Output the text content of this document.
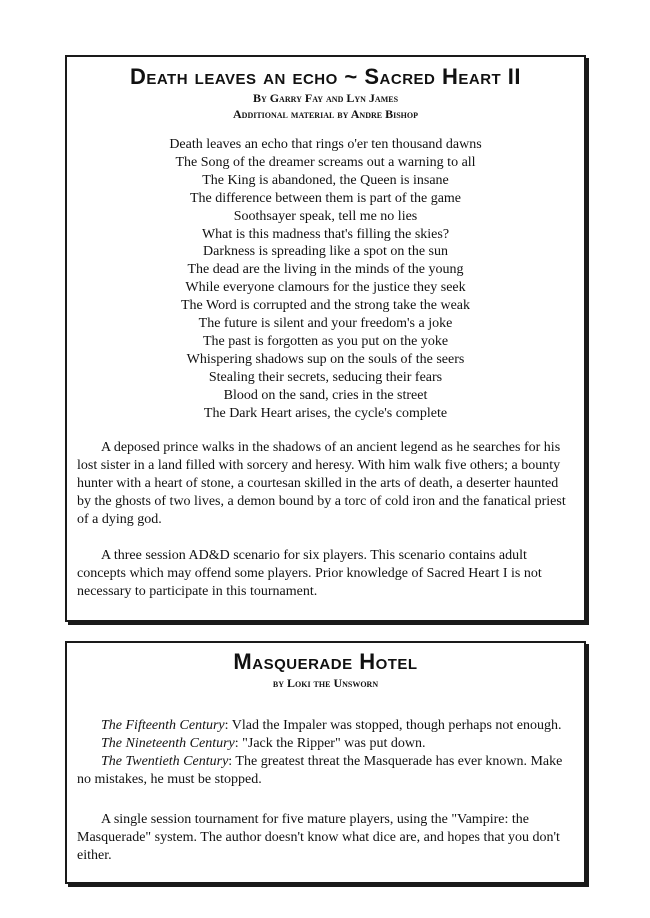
Death leaves an echo ~ Sacred Heart II

By Garry Fay and Lyn James

Additional material by Andre Bishop

Death leaves an echo that rings o'er ten thousand dawns
The Song of the dreamer screams out a warning to all
The King is abandoned, the Queen is insane
The difference between them is part of the game
Soothsayer speak, tell me no lies
What is this madness that's filling the skies?
Darkness is spreading like a spot on the sun
The dead are the living in the minds of the young
While everyone clamours for the justice they seek
The Word is corrupted and the strong take the weak
The future is silent and your freedom's a joke
The past is forgotten as you put on the yoke
Whispering shadows sup on the souls of the seers
Stealing their secrets, seducing their fears
Blood on the sand, cries in the street
The Dark Heart arises, the cycle's complete

A deposed prince walks in the shadows of an ancient legend as he searches for his lost sister in a land filled with sorcery and heresy. With him walk five others; a bounty hunter with a heart of stone, a courtesan skilled in the arts of death, a deserter haunted by the ghosts of two lives, a demon bound by a torc of cold iron and the fanatical priest of a dying god.

A three session AD&D scenario for six players. This scenario contains adult concepts which may offend some players. Prior knowledge of Sacred Heart I is not necessary to participate in this tournament.

Masquerade Hotel

by Loki the Unsworn

The Fifteenth Century: Vlad the Impaler was stopped, though perhaps not enough.

The Nineteenth Century: "Jack the Ripper" was put down.

The Twentieth Century: The greatest threat the Masquerade has ever known. Make no mistakes, he must be stopped.

A single session tournament for five mature players, using the "Vampire: the Masquerade" system. The author doesn't know what dice are, and hopes that you don't either.
